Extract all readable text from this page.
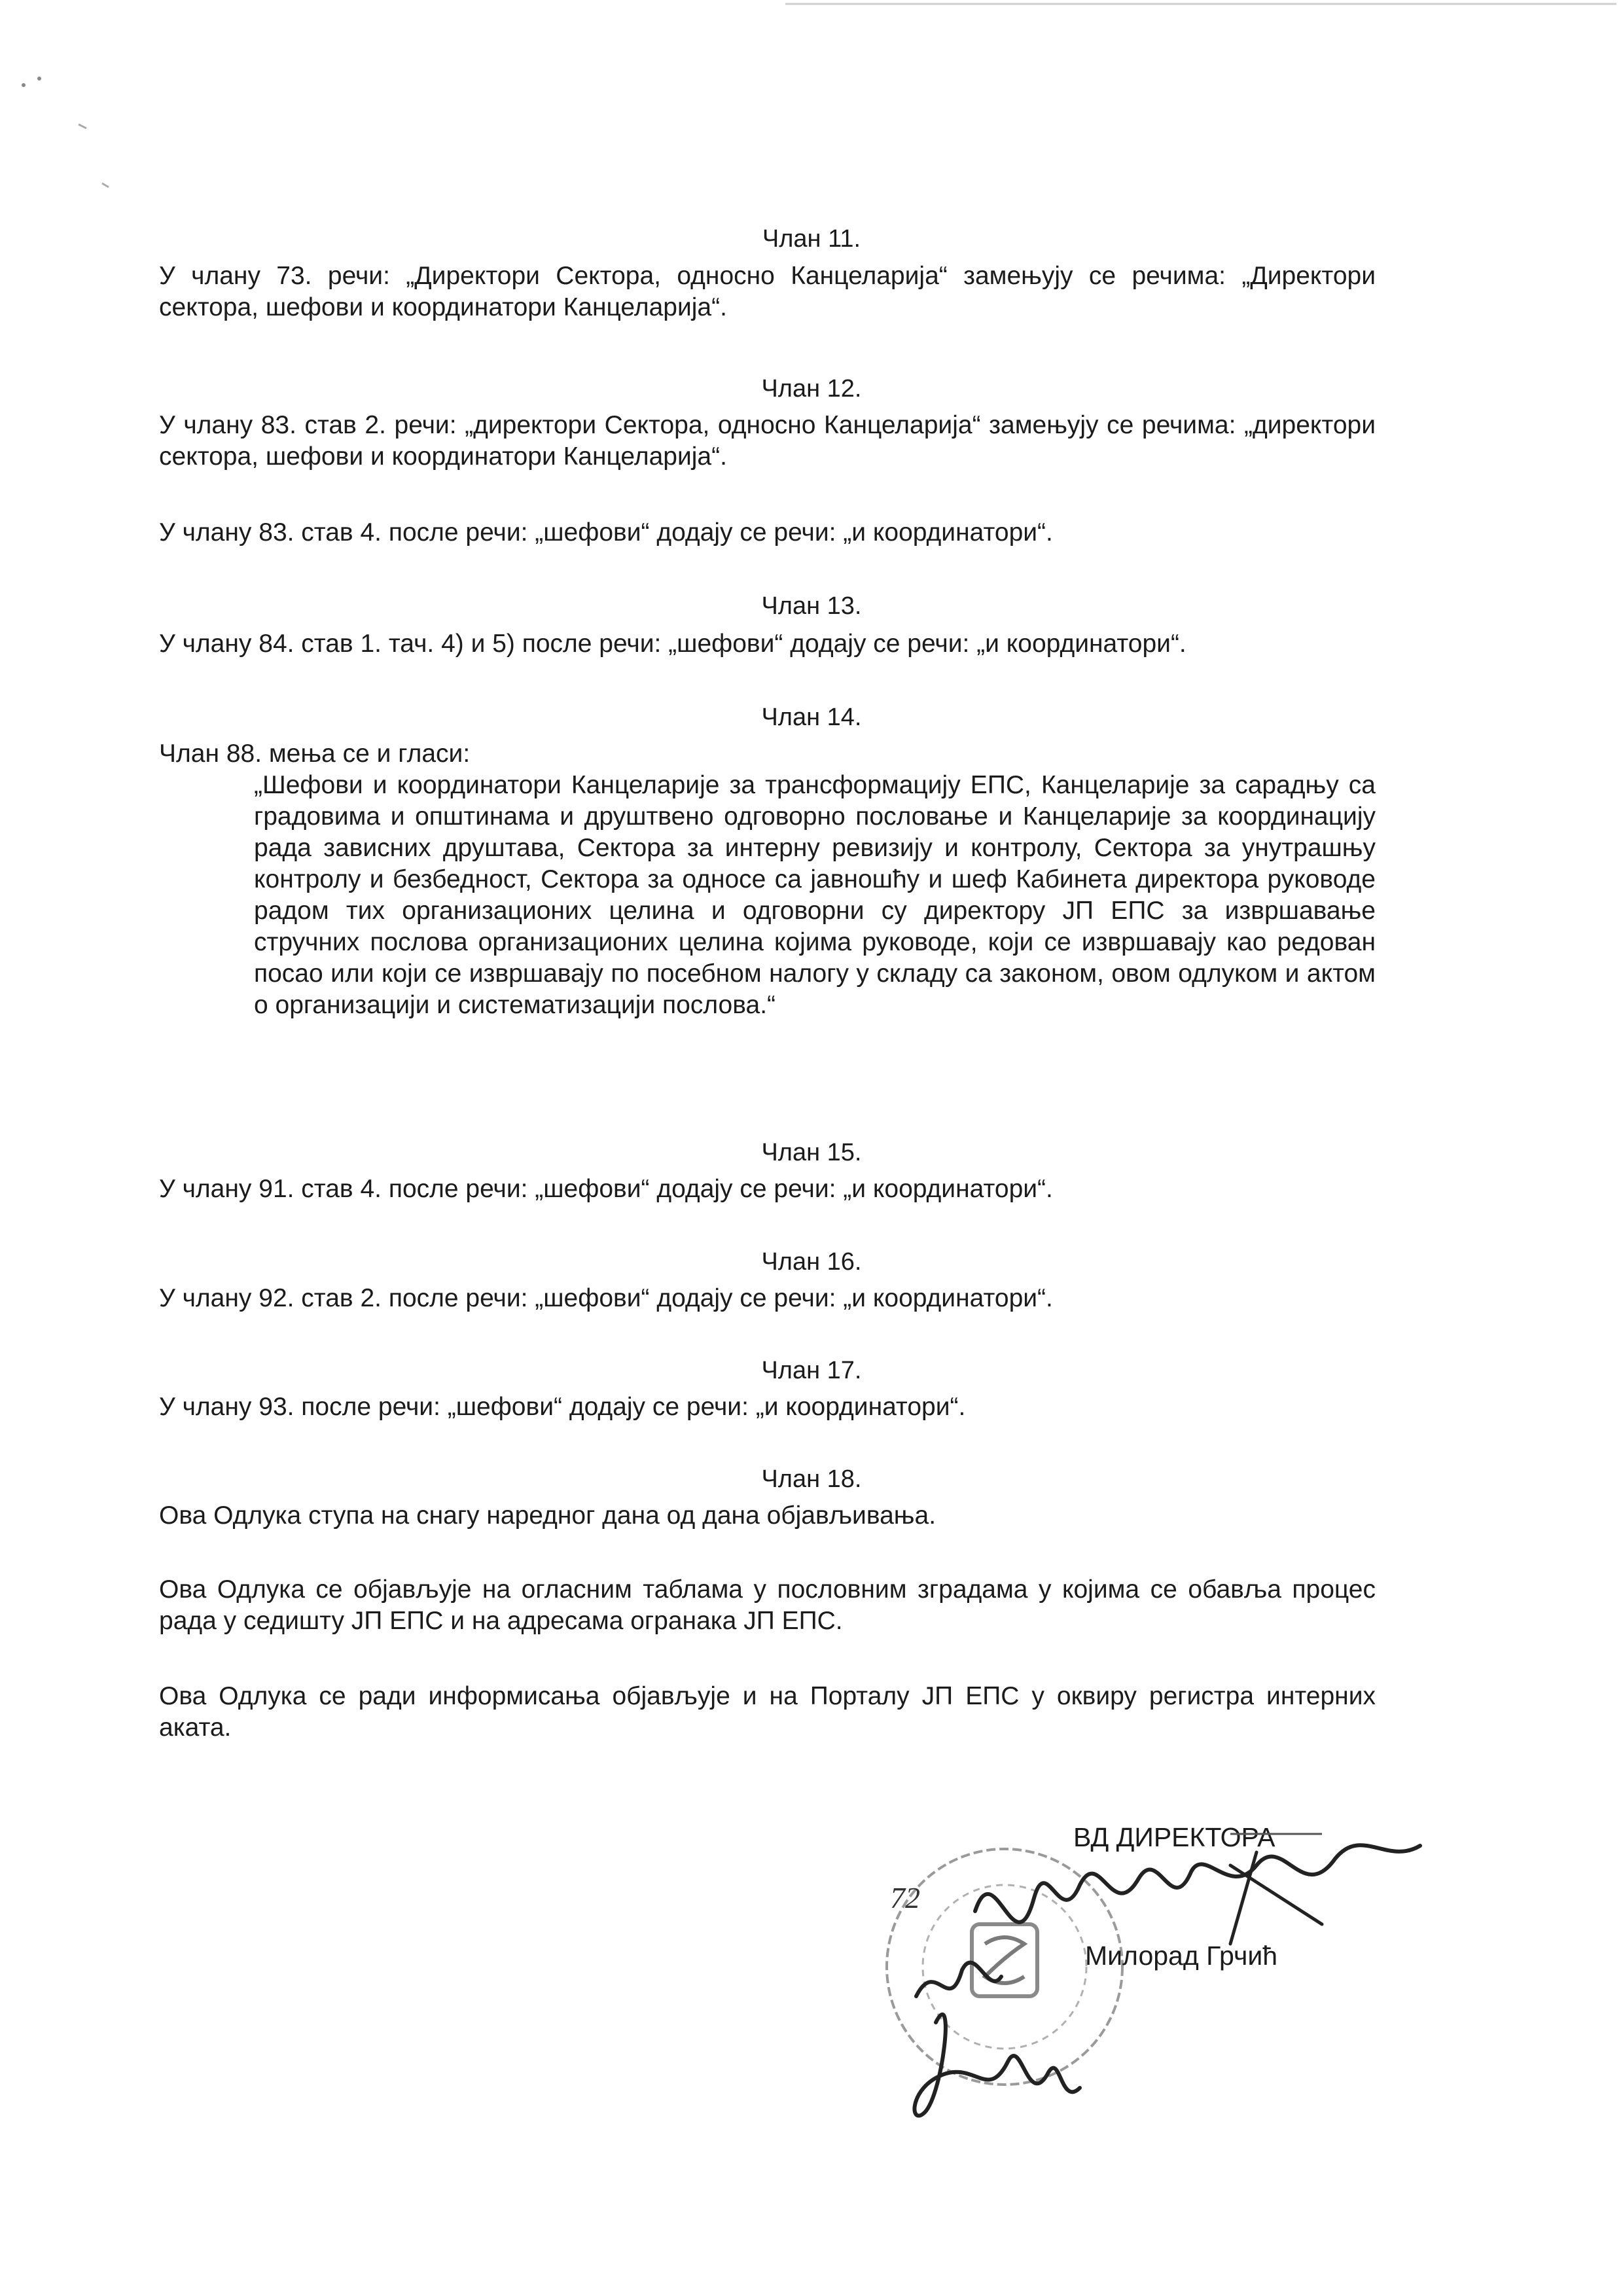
Члан 11.
У члану 73. речи: „Директори Сектора, односно Канцеларија“ замењују се речима: „Директори сектора, шефови и координатори Канцеларија“.
Члан 12.
У члану 83. став 2. речи: „директори Сектора, односно Канцеларија“ замењују се речима: „директори сектора, шефови и координатори Канцеларија“.
У члану 83. став 4. после речи: „шефови“ додају се речи: „и координатори“.
Члан 13.
У члану 84. став 1. тач. 4) и 5) после речи: „шефови“ додају се речи: „и координатори“.
Члан 14.
Члан 88. мења се и гласи:
„Шефови и координатори Канцеларије за трансформацију ЕПС, Канцеларије за сарадњу са градовима и општинама и друштвено одговорно пословање и Канцеларије за координацију рада зависних друштава, Сектора за интерну ревизију и контролу, Сектора за унутрашњу контролу и безбедност, Сектора за односе са јавношћу и шеф Кабинета директора руководе радом тих организационих целина и одговорни су директору ЈП ЕПС за извршавање стручних послова организационих целина којима руководе, који се извршавају као редован посао или који се извршавају по посебном налогу у складу са законом, овом одлуком и актом о организацији и систематизацији послова.“
Члан 15.
У члану 91. став 4. после речи: „шефови“ додају се речи: „и координатори“.
Члан 16.
У члану 92. став 2. после речи: „шефови“ додају се речи: „и координатори“.
Члан 17.
У члану 93. после речи: „шефови“ додају се речи: „и координатори“.
Члан 18.
Ова Одлука ступа на снагу наредног дана од дана објављивања.
Ова Одлука се објављује на огласним таблама у пословним зградама у којима се обавља процес рада у седишту ЈП ЕПС и на адресама огранака ЈП ЕПС.
Ова Одлука се ради информисања објављује и на Порталу ЈП ЕПС у оквиру регистра интерних аката.
ВД ДИРЕКТОРА
72
Милорад Грчић
